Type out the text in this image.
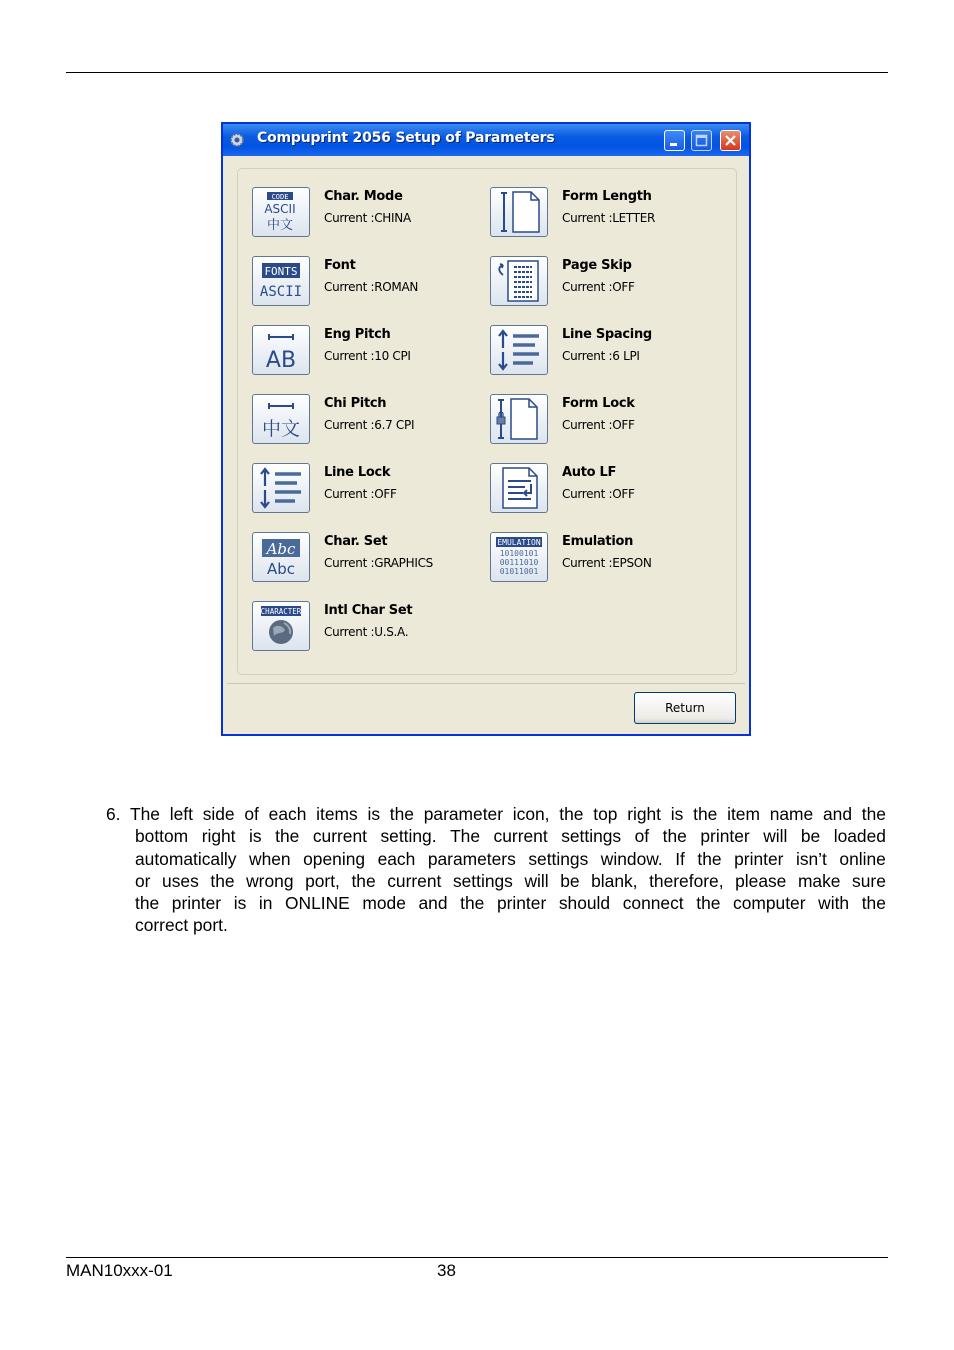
Compuprint 2056 Setup of Parameters
CODE
ASCII
中文
Char. Mode
Current :CHINA
Form Length
Current :LETTER
FONTS
ASCII
Font
Current :ROMAN
Page Skip
Current :OFF
AB
Eng Pitch
Current :10 CPI
Line Spacing
Current :6 LPI
中文
Chi Pitch
Current :6.7 CPI
Form Lock
Current :OFF
Line Lock
Current :OFF
Auto LF
Current :OFF
Abc
Abc
Char. Set
Current :GRAPHICS
EMULATION
10100101
00111010
01011001
Emulation
Current :EPSON
CHARACTER Intl Char Set
Current :U.S.A.
Return
6. The left side of each items is the parameter icon, the top right is the item name and the
bottom right is the current setting. The current settings of the printer will be loaded
automatically when opening each parameters settings window. If the printer isn’t online
or uses the wrong port, the current settings will be blank, therefore, please make sure
the printer is in ONLINE mode and the printer should connect the computer with the
correct port.
MAN10xxx-01	38
